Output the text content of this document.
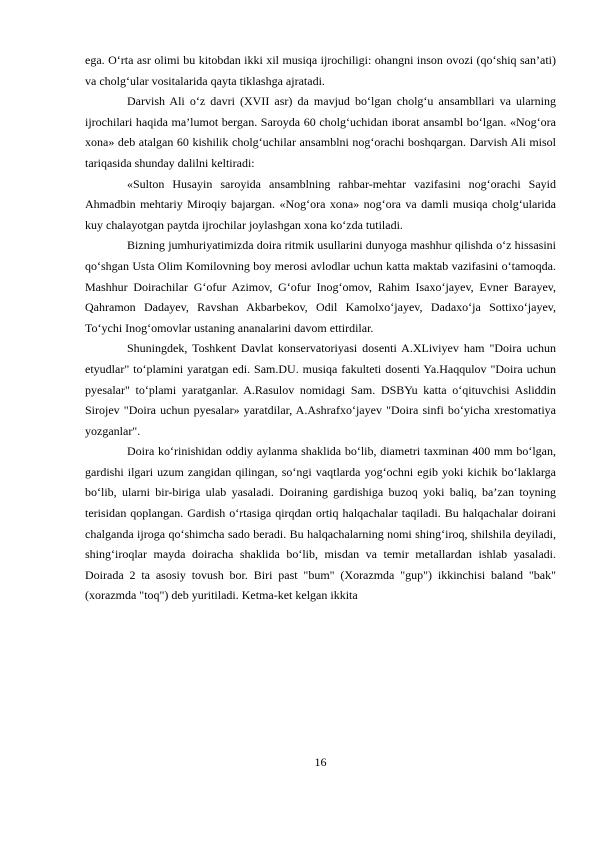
ega. O‘rta asr olimi bu kitobdan ikki xil musiqa ijrochiligi: ohangni inson ovozi (qo‘shiq san’ati) va cholg‘ular vositalarida qayta tiklashga ajratadi.

Darvish Ali o‘z davri (XVII asr) da mavjud bo‘lgan cholg‘u ansambllari va ularning ijrochilari haqida ma’lumot bergan. Saroyda 60 cholg‘uchidan iborat ansambl bo‘lgan. «Nog‘ora xona» deb atalgan 60 kishilik cholg‘uchilar ansamblni nog‘orachi boshqargan. Darvish Ali misol tariqasida shunday dalilni keltiradi:

«Sulton Husayin saroyida ansamblning rahbar-mehtar vazifasini nog‘orachi Sayid Ahmadbin mehtariy Miroqiy bajargan. «Nog‘ora xona» nog‘ora va damli musiqa cholg‘ularida kuy chalayotgan paytda ijrochilar joylashgan xona ko‘zda tutiladi.

Bizning jumhuriyatimizda doira ritmik usullarini dunyoga mashhur qilishda o‘z hissasini qo‘shgan Usta Olim Komilovning boy merosi avlodlar uchun katta maktab vazifasini o‘tamoqda. Mashhur Doirachilar G‘ofur Azimov, G‘ofur Inog‘omov, Rahim Isaxo‘jayev, Evner Barayev, Qahramon Dadayev, Ravshan Akbarbekov, Odil Kamolxo‘jayev, Dadaxo‘ja Sottixo‘jayev, To‘ychi Inog‘omovlar ustaning ananalarini davom ettirdilar.

Shuningdek, Toshkent Davlat konservatoriyasi dosenti A.XLiviyev ham "Doira uchun etyudlar" to‘plamini yaratgan edi. Sam.DU. musiqa fakulteti dosenti Ya.Haqqulov "Doira uchun pyesalar" to‘plami yaratganlar. A.Rasulov nomidagi Sam. DSBYu katta o‘qituvchisi Asliddin Sirojev "Doira uchun pyesalar» yaratdilar, A.Ashrafxo‘jayev "Doira sinfi bo‘yicha xrestomatiya yozganlar".

Doira ko‘rinishidan oddiy aylanma shaklida bo‘lib, diametri taxminan 400 mm bo‘lgan, gardishi ilgari uzum zangidan qilingan, so‘ngi vaqtlarda yog‘ochni egib yoki kichik bo‘laklarga bo‘lib, ularni bir-biriga ulab yasaladi. Doiraning gardishiga buzoq yoki baliq, ba’zan toyning terisidan qoplangan. Gardish o‘rtasiga qirqdan ortiq halqachalar taqiladi. Bu halqachalar doirani chalganda ijroga qo‘shimcha sado beradi. Bu halqachalarning nomi shing‘iroq, shilshila deyiladi, shing‘iroqlar mayda doiracha shaklida bo‘lib, misdan va temir metallardan ishlab yasaladi. Doirada 2 ta asosiy tovush bor. Biri past "bum" (Xorazmda "gup") ikkinchisi baland "bak" (xorazmda "toq") deb yuritiladi. Ketma-ket kelgan ikkita

16
